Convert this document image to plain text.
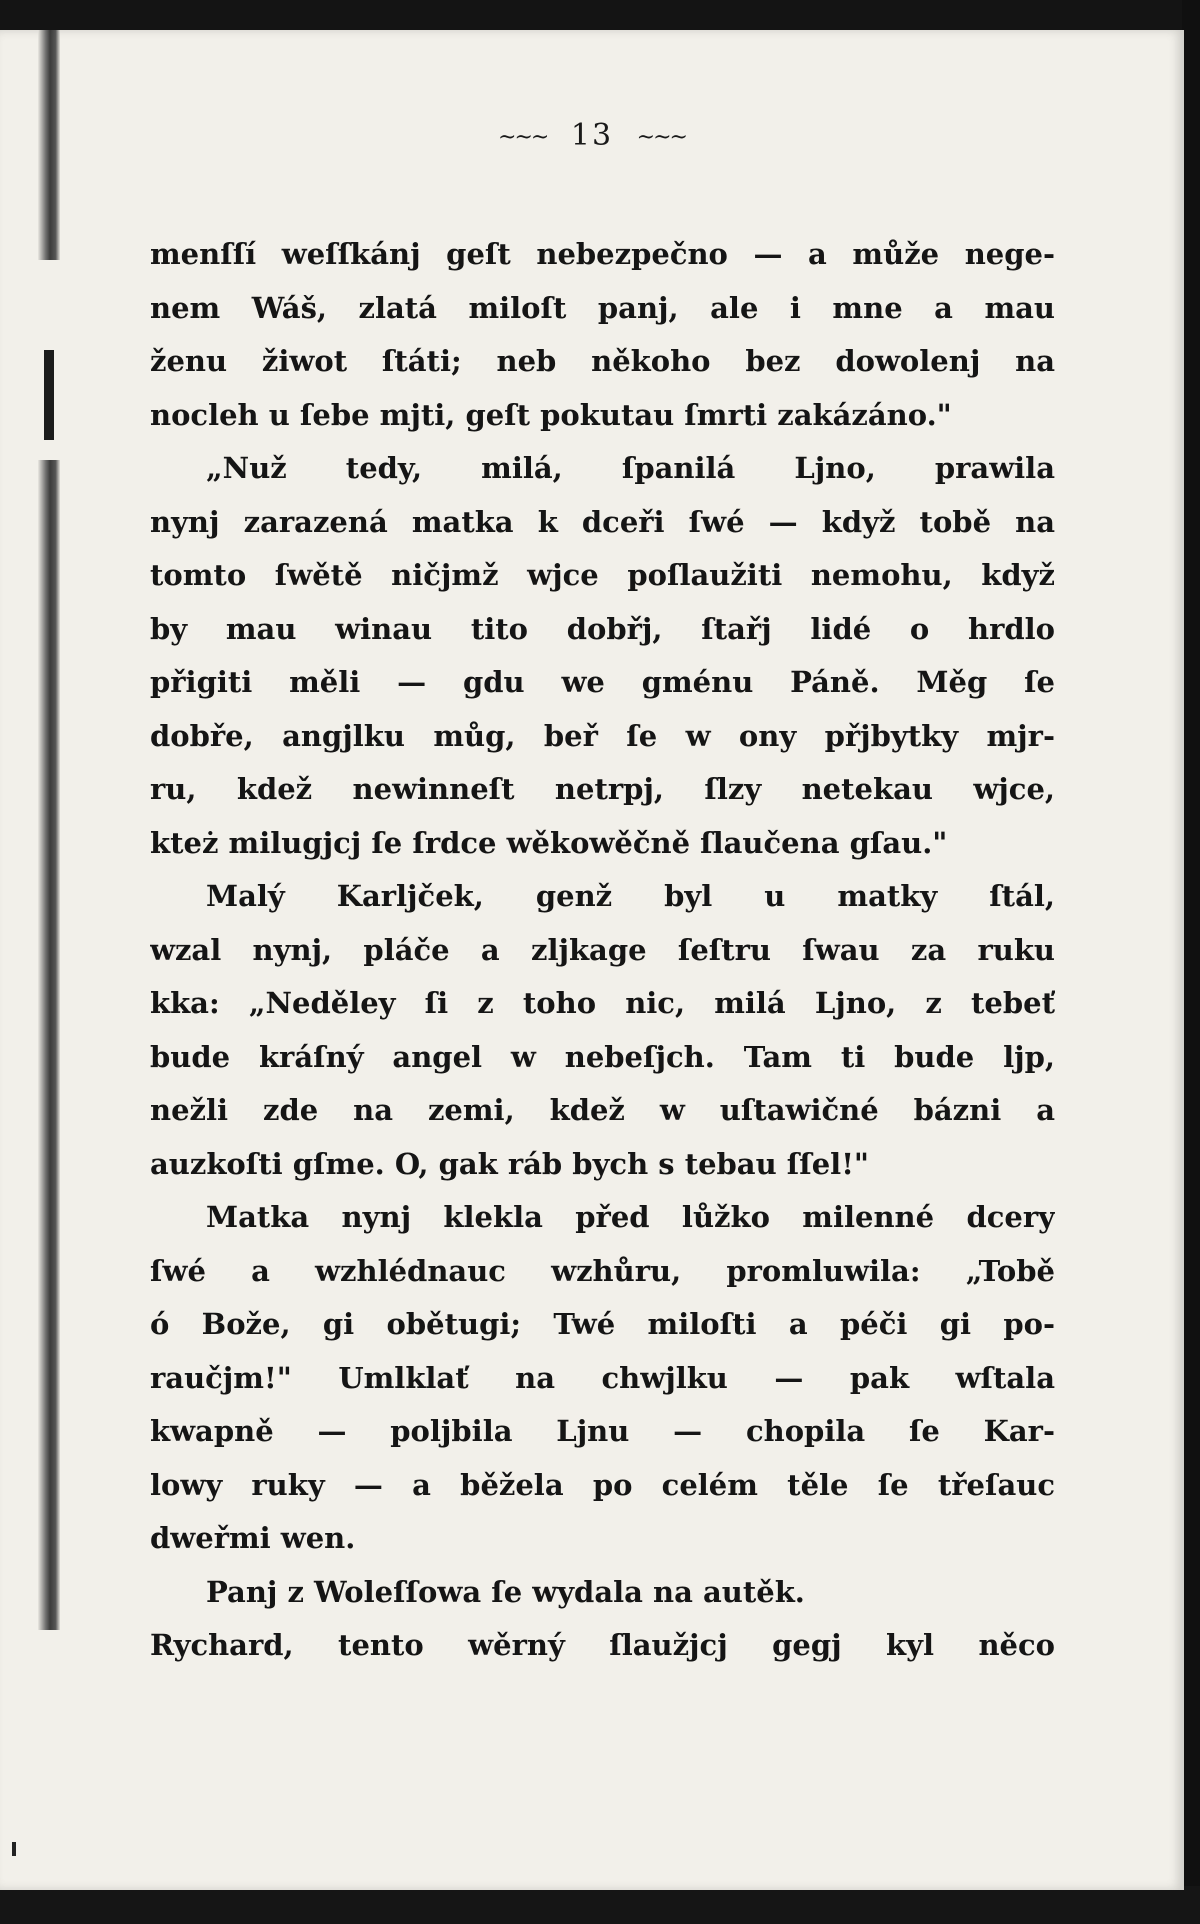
~~~ 13 ~~~
menſſí weſſkánj geſt nebezpečno — a může nege-
nem Wáš, zlatá miloſt panj, ale i mne a mau
ženu žiwot ſtáti; neb někoho bez dowolenj na
nocleh u ſebe mjti, geſt pokutau ſmrti zakázáno."
„Nuž tedy, milá, ſpanilá Ljno, prawila
nynj zarazená matka k dceři ſwé — když tobě na
tomto ſwětě ničjmž wjce poſlaužiti nemohu, když
by mau winau tito dobřj, ſtařj lidé o hrdlo
přigiti měli — gdu we gménu Páně. Měg ſe
dobře, angjlku můg, beř ſe w ony přjbytky mjr-
ru, kdež newinneſt netrpj, ſlzy netekau wjce,
kteż milugjcj ſe ſrdce wěkowěčně ſlaučena gſau."
Malý Karljček, genž byl u matky ſtál,
wzal nynj, pláče a zljkage ſeſtru ſwau za ruku
kka: „Neděley ſi z toho nic, milá Ljno, z tebeť
bude kráſný angel w nebeſjch. Tam ti bude ljp,
nežli zde na zemi, kdež w uſtawičné bázni a
auzkoſti gſme. O, gak ráb bych s tebau ſſel!"
Matka nynj klekla před lůžko milenné dcery
ſwé a wzhlédnauc wzhůru, promluwila: „Tobě
ó Bože, gi obětugi; Twé miloſti a péči gi po-
raučjm!" Umlklať na chwjlku — pak wſtala
kwapně — poljbila Ljnu — chopila ſe Kar-
lowy ruky — a běžela po celém těle ſe třeſauc
dweřmi wen.
Panj z Woleſſowa ſe wydala na autěk.
Rychard, tento wěrný ſlaužjcj gegj kyl něco
